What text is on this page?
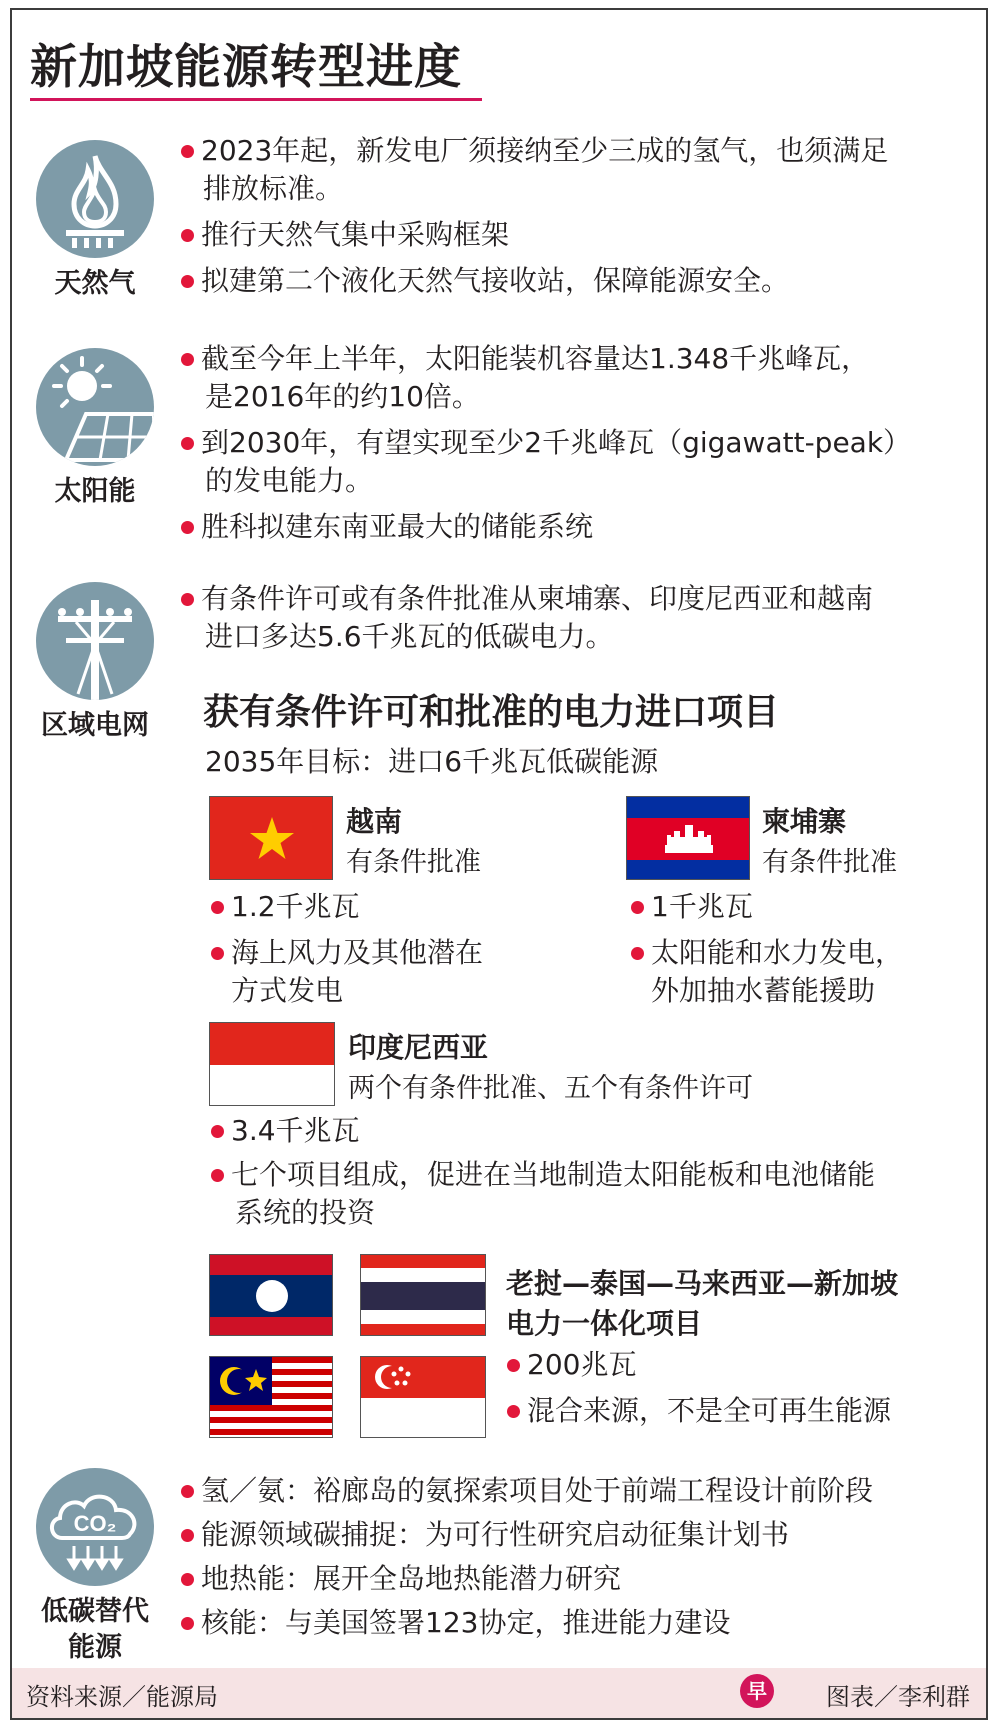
新加坡能源转型进度
天然气
2023年起，新发电厂须接纳至少三成的氢气，也须满足
排放标准。
推行天然气集中采购框架
拟建第二个液化天然气接收站，保障能源安全。
太阳能
截至今年上半年，太阳能装机容量达1.348千兆峰瓦，
是2016年的约10倍。
到2030年，有望实现至少2千兆峰瓦（gigawatt-peak）
的发电能力。
胜科拟建东南亚最大的储能系统
区域电网
有条件许可或有条件批准从柬埔寨、印度尼西亚和越南
进口多达5.6千兆瓦的低碳电力。
获有条件许可和批准的电力进口项目
2035年目标：进口6千兆瓦低碳能源
越南
有条件批准
1.2千兆瓦
海上风力及其他潜在
方式发电
柬埔寨
有条件批准
1千兆瓦
太阳能和水力发电，
外加抽水蓄能援助
印度尼西亚
两个有条件批准、五个有条件许可
3.4千兆瓦
七个项目组成，促进在当地制造太阳能板和电池储能
系统的投资
老挝—泰国—马来西亚—新加坡
电力一体化项目
200兆瓦
混合来源，不是全可再生能源
CO₂
低碳替代
能源
氢／氨：裕廊岛的氨探索项目处于前端工程设计前阶段
能源领域碳捕捉：为可行性研究启动征集计划书
地热能：展开全岛地热能潜力研究
核能：与美国签署123协定，推进能力建设
资料来源／能源局	早 图表／李利群
